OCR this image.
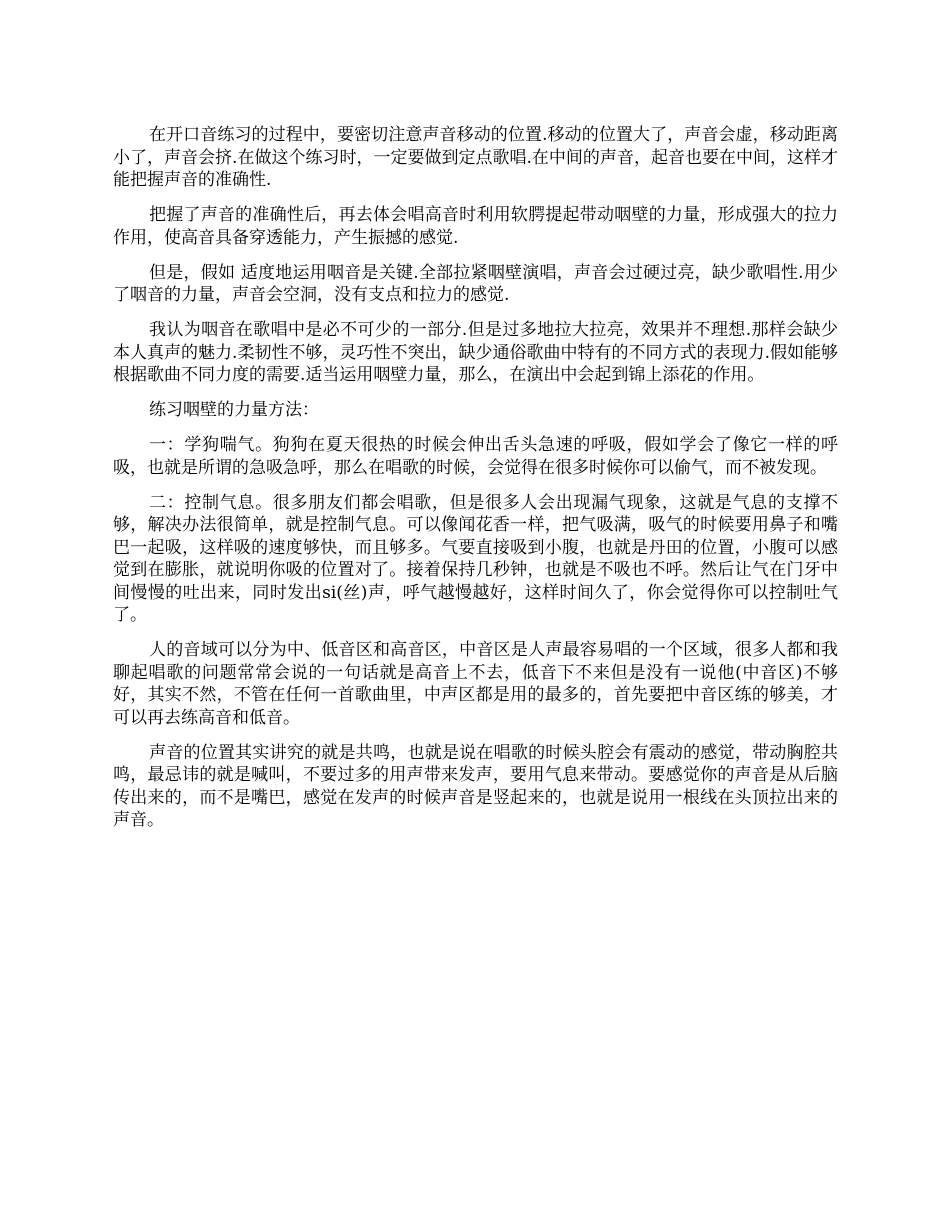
在开口音练习的过程中，要密切注意声音移动的位置.移动的位置大了，声音会虚，移动距离小了，声音会挤.在做这个练习时，一定要做到定点歌唱.在中间的声音，起音也要在中间，这样才能把握声音的准确性.

把握了声音的准确性后，再去体会唱高音时利用软腭提起带动咽壁的力量，形成强大的拉力作用，使高音具备穿透能力，产生振撼的感觉.

但是，假如 适度地运用咽音是关键.全部拉紧咽壁演唱，声音会过硬过亮，缺少歌唱性.用少了咽音的力量，声音会空洞，没有支点和拉力的感觉.

我认为咽音在歌唱中是必不可少的一部分.但是过多地拉大拉亮，效果并不理想.那样会缺少本人真声的魅力.柔韧性不够，灵巧性不突出，缺少通俗歌曲中特有的不同方式的表现力.假如能够根据歌曲不同力度的需要.适当运用咽壁力量，那么，在演出中会起到锦上添花的作用。

练习咽壁的力量方法：

一：学狗喘气。狗狗在夏天很热的时候会伸出舌头急速的呼吸，假如学会了像它一样的呼吸，也就是所谓的急吸急呼，那么在唱歌的时候，会觉得在很多时候你可以偷气，而不被发现。

二：控制气息。很多朋友们都会唱歌，但是很多人会出现漏气现象，这就是气息的支撑不够，解决办法很简单，就是控制气息。可以像闻花香一样，把气吸满，吸气的时候要用鼻子和嘴巴一起吸，这样吸的速度够快，而且够多。气要直接吸到小腹，也就是丹田的位置，小腹可以感觉到在膨胀，就说明你吸的位置对了。接着保持几秒钟，也就是不吸也不呼。然后让气在门牙中间慢慢的吐出来，同时发出si(丝)声，呼气越慢越好，这样时间久了，你会觉得你可以控制吐气了。

人的音域可以分为中、低音区和高音区，中音区是人声最容易唱的一个区域，很多人都和我聊起唱歌的问题常常会说的一句话就是高音上不去，低音下不来但是没有一说他(中音区)不够好，其实不然，不管在任何一首歌曲里，中声区都是用的最多的，首先要把中音区练的够美，才可以再去练高音和低音。

声音的位置其实讲究的就是共鸣，也就是说在唱歌的时候头腔会有震动的感觉，带动胸腔共鸣，最忌讳的就是喊叫，不要过多的用声带来发声，要用气息来带动。要感觉你的声音是从后脑传出来的，而不是嘴巴，感觉在发声的时候声音是竖起来的，也就是说用一根线在头顶拉出来的声音。
